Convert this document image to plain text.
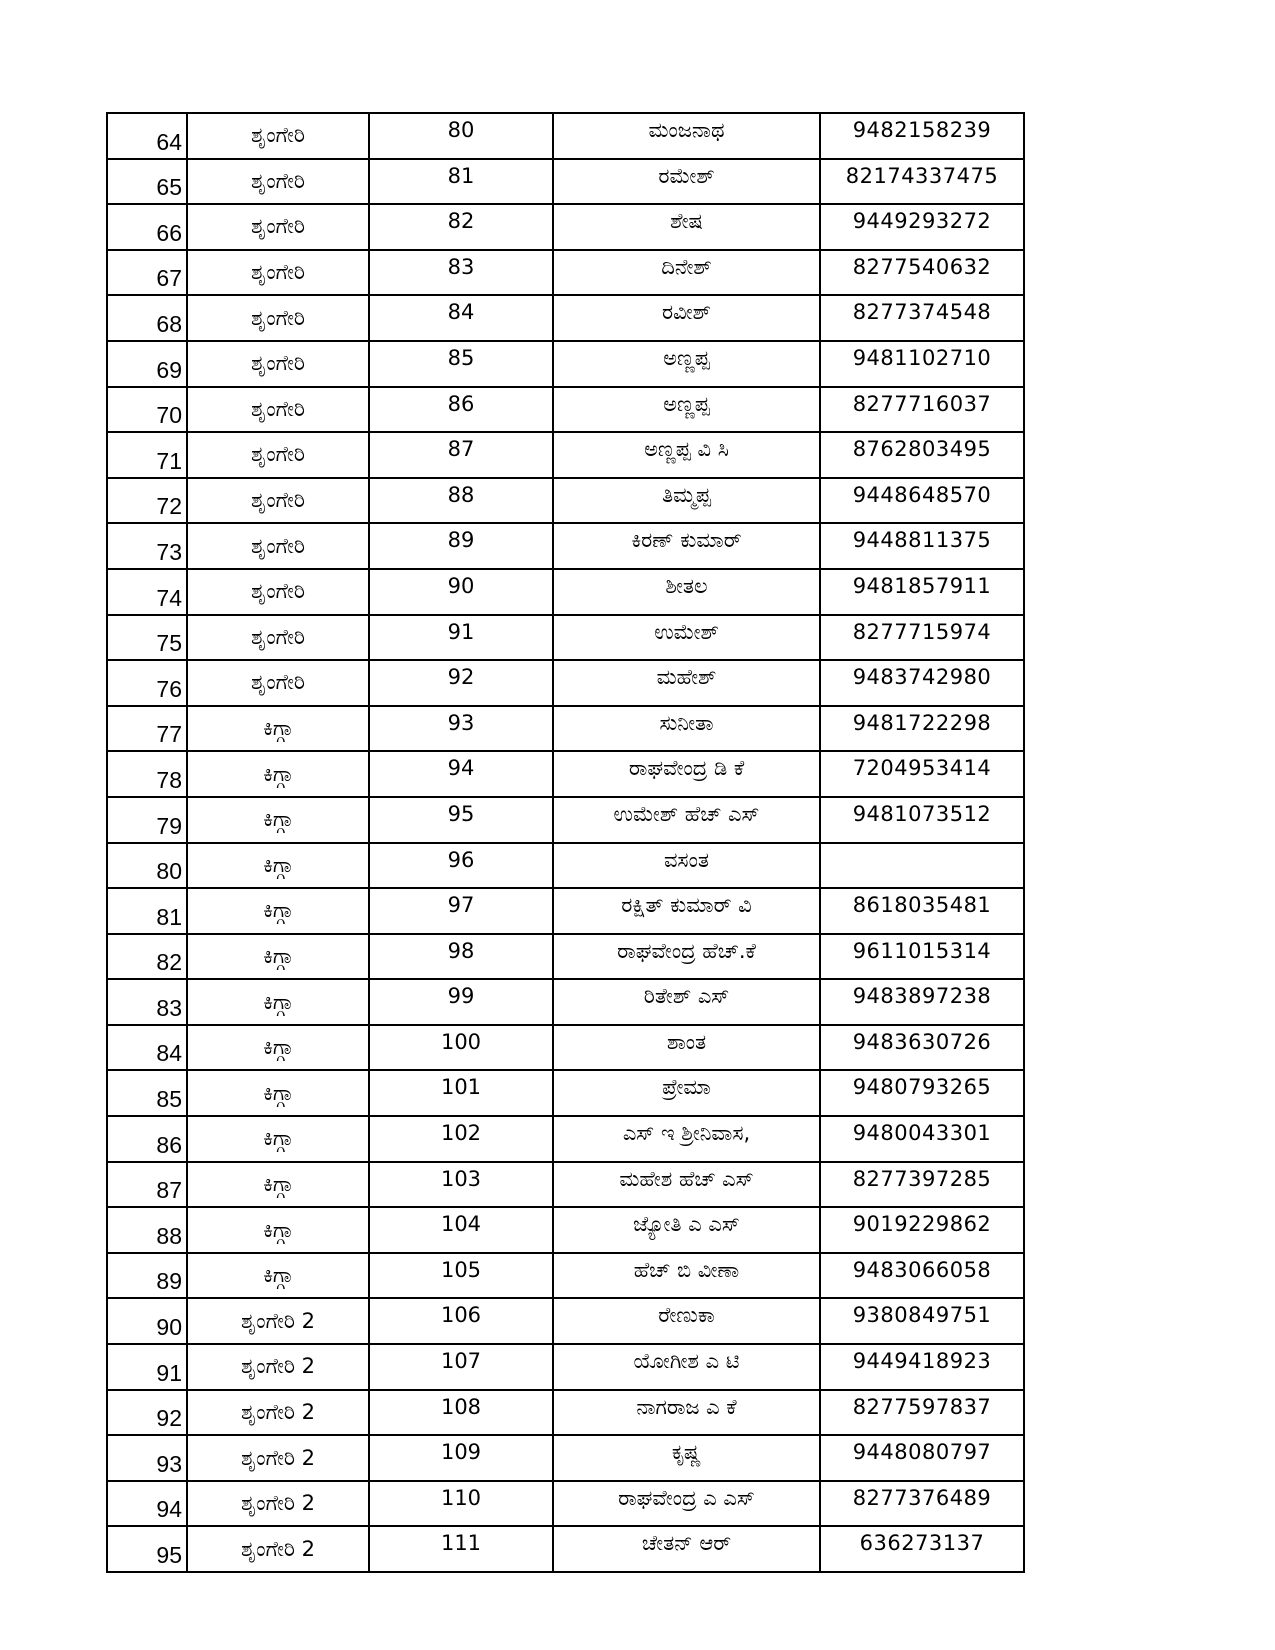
64	ಶೃಂಗೇರಿ	80	ಮಂಜನಾಥ	9482158239
65	ಶೃಂಗೇರಿ	81	ರಮೇಶ್	82174337475
66	ಶೃಂಗೇರಿ	82	ಶೇಷ	9449293272
67	ಶೃಂಗೇರಿ	83	ದಿನೇಶ್	8277540632
68	ಶೃಂಗೇರಿ	84	ರವೀಶ್	8277374548
69	ಶೃಂಗೇರಿ	85	ಅಣ್ಣಪ್ಪ	9481102710
70	ಶೃಂಗೇರಿ	86	ಅಣ್ಣಪ್ಪ	8277716037
71	ಶೃಂಗೇರಿ	87	ಅಣ್ಣಪ್ಪ ವಿ ಸಿ	8762803495
72	ಶೃಂಗೇರಿ	88	ತಿಮ್ಮಪ್ಪ	9448648570
73	ಶೃಂಗೇರಿ	89	ಕಿರಣ್ ಕುಮಾರ್	9448811375
74	ಶೃಂಗೇರಿ	90	ಶೀತಲ	9481857911
75	ಶೃಂಗೇರಿ	91	ಉಮೇಶ್	8277715974
76	ಶೃಂಗೇರಿ	92	ಮಹೇಶ್	9483742980
77	ಕಿಗ್ಗಾ	93	ಸುನೀತಾ	9481722298
78	ಕಿಗ್ಗಾ	94	ರಾಘವೇಂದ್ರ ಡಿ ಕೆ	7204953414
79	ಕಿಗ್ಗಾ	95	ಉಮೇಶ್ ಹೆಚ್ ಎಸ್	9481073512
80	ಕಿಗ್ಗಾ	96	ವಸಂತ	
81	ಕಿಗ್ಗಾ	97	ರಕ್ಷಿತ್ ಕುಮಾರ್ ವಿ	8618035481
82	ಕಿಗ್ಗಾ	98	ರಾಘವೇಂದ್ರ ಹೆಚ್.ಕೆ	9611015314
83	ಕಿಗ್ಗಾ	99	ರಿತೇಶ್ ಎಸ್	9483897238
84	ಕಿಗ್ಗಾ	100	ಶಾಂತ	9483630726
85	ಕಿಗ್ಗಾ	101	ಪ್ರೇಮಾ	9480793265
86	ಕಿಗ್ಗಾ	102	ಎಸ್ ಇ ಶ್ರೀನಿವಾಸ,	9480043301
87	ಕಿಗ್ಗಾ	103	ಮಹೇಶ ಹೆಚ್ ಎಸ್	8277397285
88	ಕಿಗ್ಗಾ	104	ಜ್ಯೋತಿ ಎ ಎಸ್	9019229862
89	ಕಿಗ್ಗಾ	105	ಹೆಚ್ ಬಿ ವೀಣಾ	9483066058
90	ಶೃಂಗೇರಿ 2	106	ರೇಣುಕಾ	9380849751
91	ಶೃಂಗೇರಿ 2	107	ಯೋಗೀಶ ಎ ಟಿ	9449418923
92	ಶೃಂಗೇರಿ 2	108	ನಾಗರಾಜ ಎ ಕೆ	8277597837
93	ಶೃಂಗೇರಿ 2	109	ಕೃಷ್ಣ	9448080797
94	ಶೃಂಗೇರಿ 2	110	ರಾಘವೇಂದ್ರ ಎ ಎಸ್	8277376489
95	ಶೃಂಗೇರಿ 2	111	ಚೇತನ್ ಆರ್	636273137
